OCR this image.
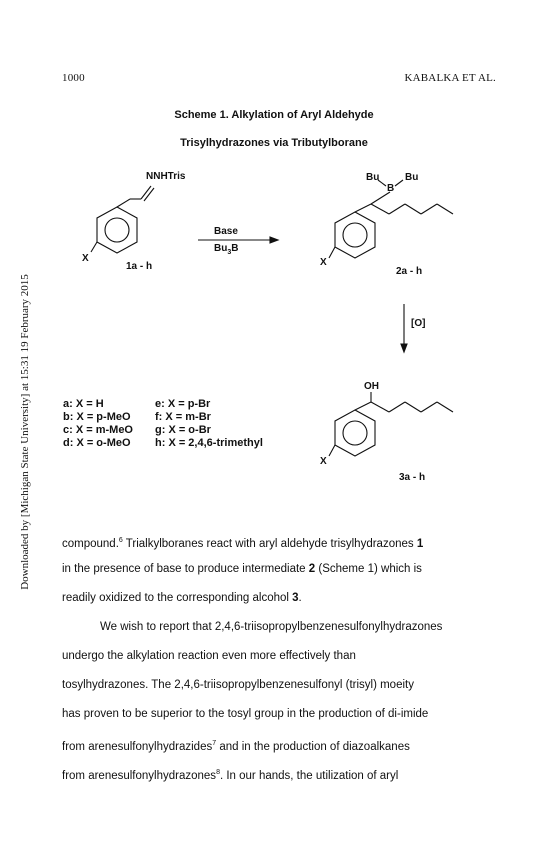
1000	KABALKA ET AL.
Downloaded by [Michigan State University] at 15:31 19 February 2015
Scheme 1. Alkylation of Aryl Aldehyde
Trisylhydrazones via Tributylborane
NNHTris
X
1a - h
Base
$Bu_3B$
Bu	Bu
B
X
2a - h
[O]
OH
X
3a - h
a: X = H	e: X = p-Br
b: X = p-MeO	f: X = m-Br
c: X = m-MeO	g: X = o-Br
d: X = o-MeO	h: X = 2,4,6-trimethyl
compound.$^6$ Trialkylboranes react with aryl aldehyde trisylhydrazones 1
in the presence of base to produce intermediate 2 (Scheme 1) which is
readily oxidized to the corresponding alcohol 3.
We wish to report that 2,4,6-triisopropylbenzenesulfonylhydrazones
undergo the alkylation reaction even more effectively than
tosylhydrazones. The 2,4,6-triisopropylbenzenesulfonyl (trisyl) moeity
has proven to be superior to the tosyl group in the production of di-imide
from arenesulfonylhydrazides$^7$ and in the production of diazoalkanes
from arenesulfonylhydrazones$^8$. In our hands, the utilization of aryl
